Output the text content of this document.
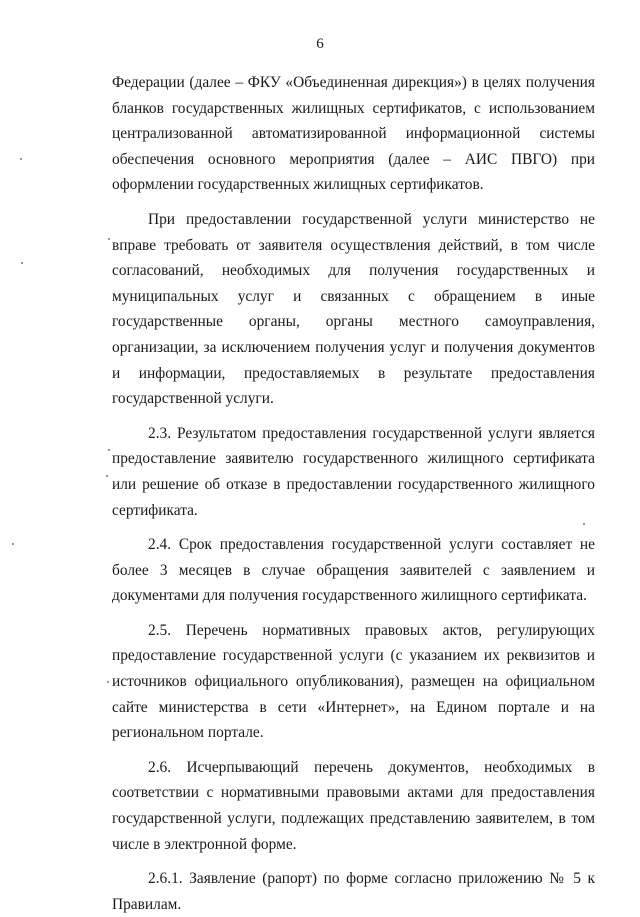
6

Федерации (далее – ФКУ «Объединенная дирекция») в целях получения бланков государственных жилищных сертификатов, с использованием централизованной автоматизированной информационной системы обеспечения основного мероприятия (далее – АИС ПВГО) при оформлении государственных жилищных сертификатов.

При предоставлении государственной услуги министерство не вправе требовать от заявителя осуществления действий, в том числе согласований, необходимых для получения государственных и муниципальных услуг и связанных с обращением в иные государственные органы, органы местного самоуправления, организации, за исключением получения услуг и получения документов и информации, предоставляемых в результате предоставления государственной услуги.

2.3. Результатом предоставления государственной услуги является предоставление заявителю государственного жилищного сертификата или решение об отказе в предоставлении государственного жилищного сертификата.

2.4. Срок предоставления государственной услуги составляет не более 3 месяцев в случае обращения заявителей с заявлением и документами для получения государственного жилищного сертификата.

2.5. Перечень нормативных правовых актов, регулирующих предоставление государственной услуги (с указанием их реквизитов и источников официального опубликования), размещен на официальном сайте министерства в сети «Интернет», на Едином портале и на региональном портале.

2.6. Исчерпывающий перечень документов, необходимых в соответствии с нормативными правовыми актами для предоставления государственной услуги, подлежащих представлению заявителем, в том числе в электронной форме.

2.6.1. Заявление (рапорт) по форме согласно приложению № 5 к Правилам.
